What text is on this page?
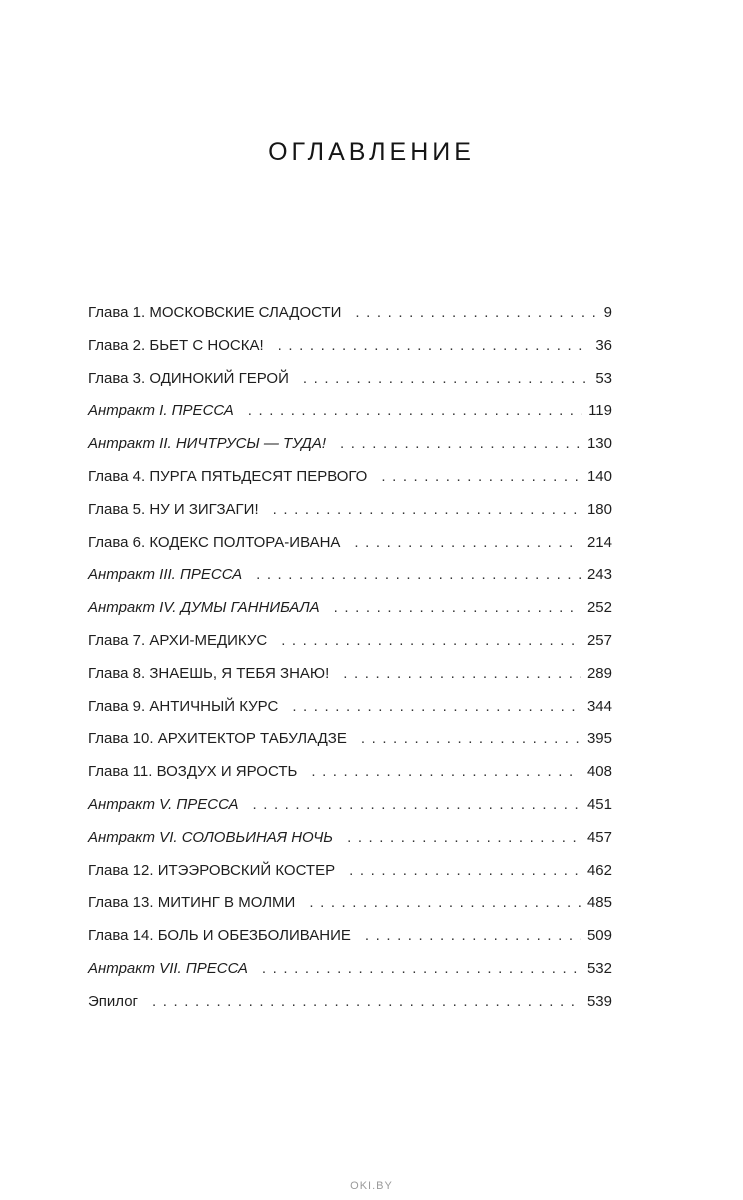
ОГЛАВЛЕНИЕ
Глава 1. МОСКОВСКИЕ СЛАДОСТИ . . .	9
Глава 2. БЬЕТ С НОСКА! . . .	36
Глава 3. ОДИНОКИЙ ГЕРОЙ . . .	53
Антракт I. ПРЕССА . . .	119
Антракт II. НИЧТРУСЫ — ТУДА! . . .	130
Глава 4. ПУРГА ПЯТЬДЕСЯТ ПЕРВОГО . . .	140
Глава 5. НУ И ЗИГЗАГИ! . . .	180
Глава 6. КОДЕКС ПОЛТОРА-ИВАНА . . .	214
Антракт III. ПРЕССА . . .	243
Антракт IV. ДУМЫ ГАННИБАЛА . . .	252
Глава 7. АРХИ-МЕДИКУС . . .	257
Глава 8. ЗНАЕШЬ, Я ТЕБЯ ЗНАЮ! . . .	289
Глава 9. АНТИЧНЫЙ КУРС . . .	344
Глава 10. АРХИТЕКТОР ТАБУЛАДЗЕ . . .	395
Глава 11. ВОЗДУХ И ЯРОСТЬ . . .	408
Антракт V. ПРЕССА . . .	451
Антракт VI. СОЛОВЬИНАЯ НОЧЬ . . .	457
Глава 12. ИТЭЭРОВСКИЙ КОСТЕР . . .	462
Глава 13. МИТИНГ В МОЛМИ . . .	485
Глава 14. БОЛЬ И ОБЕЗБОЛИВАНИЕ . . .	509
Антракт VII. ПРЕССА . . .	532
Эпилог . . .	539
OKI.BY
